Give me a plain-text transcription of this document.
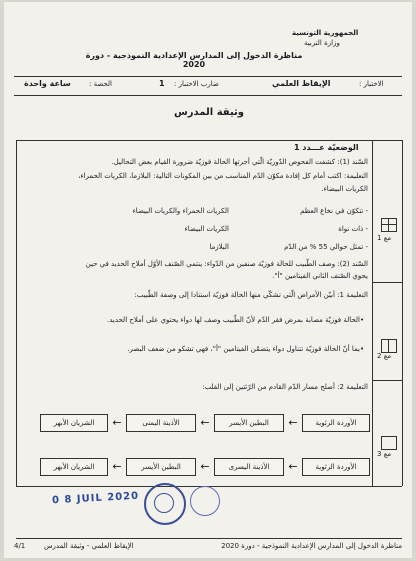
الجمهورية التونسية
وزارة التربية
مناظرة الدخول إلى المدارس الإعدادية النموذجية - دورة 2020
الاختبار :
الإيقاظ العلمي
ضارب الاختبار :
1
الحصة :
ساعة واحدة
وثيقة المدرس
الوضعيّة عـــدد 1
السّند (1): كشفت الفحوص الدّوريّة الّتي أجرتها الحالة فوزيّة ضرورة القيام بعض التحاليل.
التعليمة: اكتب أمام كل إفادة مكوّن الدّم المناسب من بين المكونات التالية: البلازما، الكريات الحمراء،
الكريات البيضاء.
- تتكوّن في نخاع العظم
الكريات الحمراء والكريات البيضاء
- ذات نواة
الكريات البيضاء
- تمثل حوالي 55 % من الدّم
البلازما
السّند (2): وصف الطّبيب للحالة فوزيّة صنفين من الدّواء: ينتمي الصّنف الأوّل أملاح الحديد في حين
يحوي الصّنف الثاني الفيتامين "أ".
التعليمة 1: أبيّن الأمراض الّتي تشكّي منها الحالة فوزيّة استنادا إلى وصفة الطّبيب:
الحالة فوزيّة مصابة بمرض فقر الدّم لأنّ الطّبيب وصف لها دواء يحتوي على أملاح الحديد. •
بما أنّ الحالة فوزيّة تتناول دواء يتضمّن الفيتامين "أ"، فهي تشكو من ضعف البصر. •
التعليمة 2: أصلح مسار الدّم القادم من الرّئتين إلى القلب:
الأوردة الرئوية
←
البطين الأيسر
←
الأذينة اليمنى
←
الشريان الأبهر
الأوردة الرئوية
←
الأذينة اليسرى
←
البطين الأيسر
←
الشريان الأبهر
مع 1
مع 2
مع 3
0 8 JUIL 2020
4/1	الإيقاظ العلمي - وثيقة المدرس	مناظرة الدخول إلى المدارس الإعدادية النموذجية - دورة 2020
